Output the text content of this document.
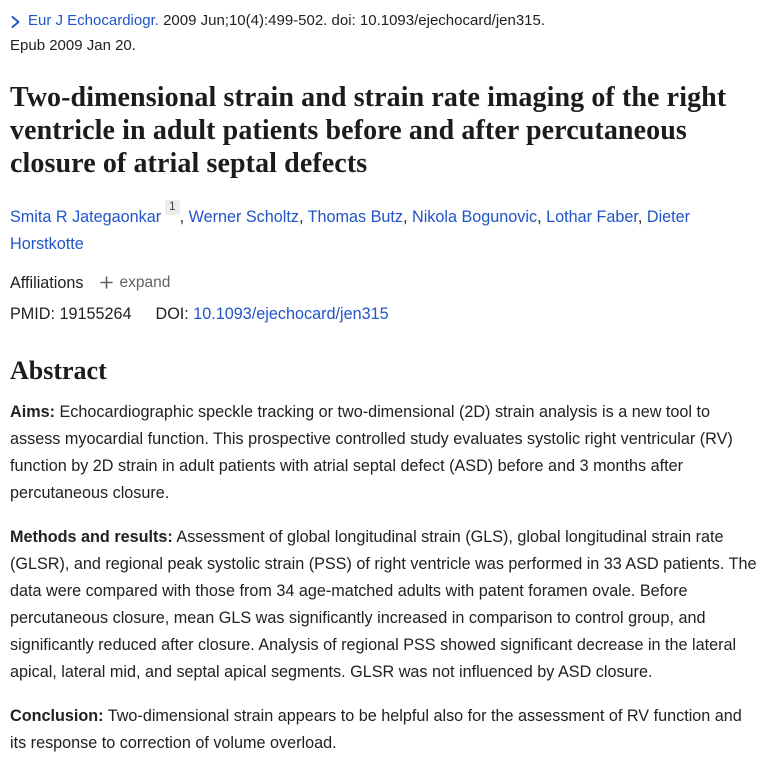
Eur J Echocardiogr. 2009 Jun;10(4):499-502. doi: 10.1093/ejechocard/jen315.
Epub 2009 Jan 20.
Two-dimensional strain and strain rate imaging of the right ventricle in adult patients before and after percutaneous closure of atrial septal defects
Smita R Jategaonkar$^1$ , Werner Scholtz , Thomas Butz , Nikola Bogunovic , Lothar Faber , Dieter Horstkotte
Affiliations expand
PMID: 19155264 DOI: 10.1093/ejechocard/jen315
Abstract

Aims: Echocardiographic speckle tracking or two-dimensional (2D) strain analysis is a new tool to assess myocardial function. This prospective controlled study evaluates systolic right ventricular (RV) function by 2D strain in adult patients with atrial septal defect (ASD) before and 3 months after percutaneous closure.

Methods and results: Assessment of global longitudinal strain (GLS), global longitudinal strain rate (GLSR), and regional peak systolic strain (PSS) of right ventricle was performed in 33 ASD patients. The data were compared with those from 34 age-matched adults with patent foramen ovale. Before percutaneous closure, mean GLS was significantly increased in comparison to control group, and significantly reduced after closure. Analysis of regional PSS showed significant decrease in the lateral apical, lateral mid, and septal apical segments. GLSR was not influenced by ASD closure.

Conclusion: Two-dimensional strain appears to be helpful also for the assessment of RV function and its response to correction of volume overload.
